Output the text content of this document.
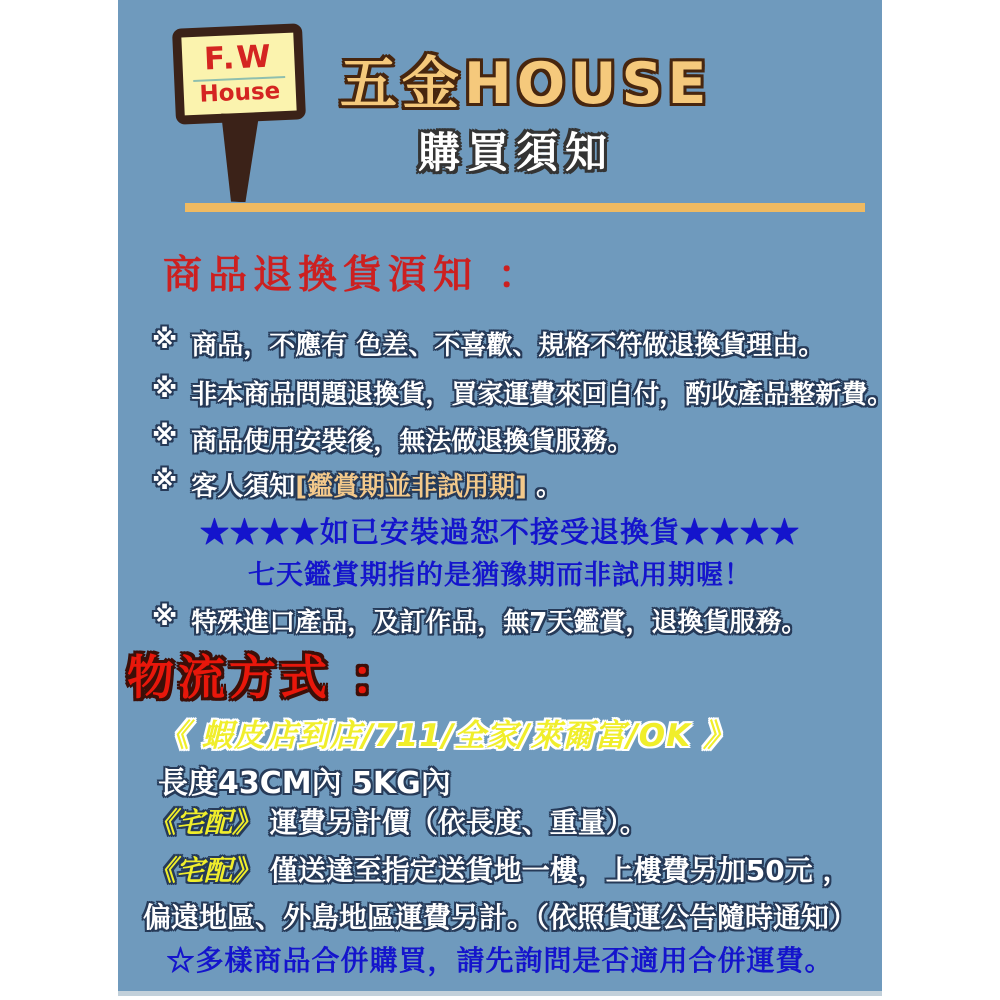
F.W
House 五金HOUSE
購買須知
商品退換貨湏知 ：
※ 商品，不應有 色差、不喜歡、規格不符做退換貨理由。
※ 非本商品問題退換貨，買家運費來回自付，酌收產品整新費。
※ 商品使用安裝後，無法做退換貨服務。
※ 客人須知[鑑賞期並非試用期] 。
★★★★如已安裝過恕不接受退換貨★★★★
七天鑑賞期指的是猶豫期而非試用期喔！
※ 特殊進口產品，及訂作品，無7天鑑賞，退換貨服務。
物流方式 ：
《 蝦皮店到店/711/全家/萊爾富/OK 》
長度43CM內 5KG內
《宅配》 運費另計價（依長度、重量）。
《宅配》 僅送達至指定送貨地一樓，上樓費另加50元 ，
偏遠地區、外島地區運費另計。（依照貨運公告隨時通知）
☆多樣商品合併購買，請先詢問是否適用合併運費。
